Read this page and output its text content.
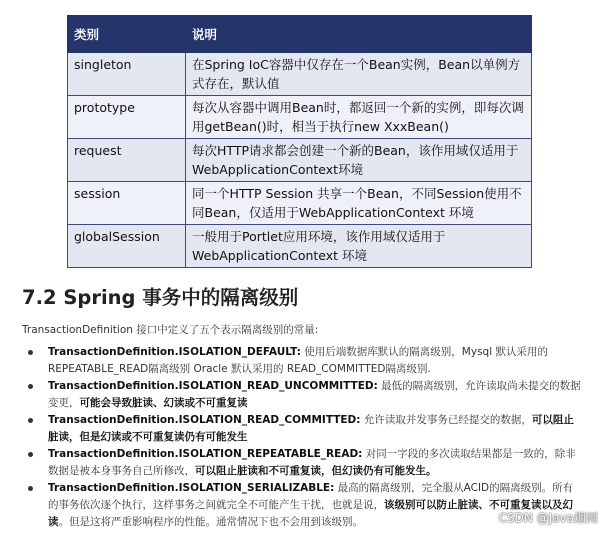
类别	说明
singleton	在Spring IoC容器中仅存在一个Bean实例，Bean以单例方式存在，默认值
prototype	每次从容器中调用Bean时，都返回一个新的实例，即每次调用getBean()时，相当于执行new XxxBean()
request	每次HTTP请求都会创建一个新的Bean，该作用域仅适用于WebApplicationContext环境
session	同一个HTTP Session 共享一个Bean，不同Session使用不同Bean，仅适用于WebApplicationContext 环境
globalSession	一般用于Portlet应用环境，该作用域仅适用于WebApplicationContext 环境
7.2 Spring 事务中的隔离级别
TransactionDefinition 接口中定义了五个表示隔离级别的常量:
TransactionDefinition.ISOLATION_DEFAULT: 使用后端数据库默认的隔离级别，Mysql 默认采用的 REPEATABLE_READ隔离级别 Oracle 默认采用的 READ_COMMITTED隔离级别.
TransactionDefinition.ISOLATION_READ_UNCOMMITTED: 最低的隔离级别，允许读取尚未提交的数据变更，可能会导致脏读、幻读或不可重复读
TransactionDefinition.ISOLATION_READ_COMMITTED: 允许读取并发事务已经提交的数据，可以阻止脏读，但是幻读或不可重复读仍有可能发生
TransactionDefinition.ISOLATION_REPEATABLE_READ: 对同一字段的多次读取结果都是一致的，除非数据是被本身事务自己所修改，可以阻止脏读和不可重复读，但幻读仍有可能发生。
TransactionDefinition.ISOLATION_SERIALIZABLE: 最高的隔离级别，完全服从ACID的隔离级别。所有的事务依次逐个执行，这样事务之间就完全不可能产生干扰，也就是说，该级别可以防止脏读、不可重复读以及幻读。但是这将严重影响程序的性能。通常情况下也不会用到该级别。	CSDN @Java烟雨
